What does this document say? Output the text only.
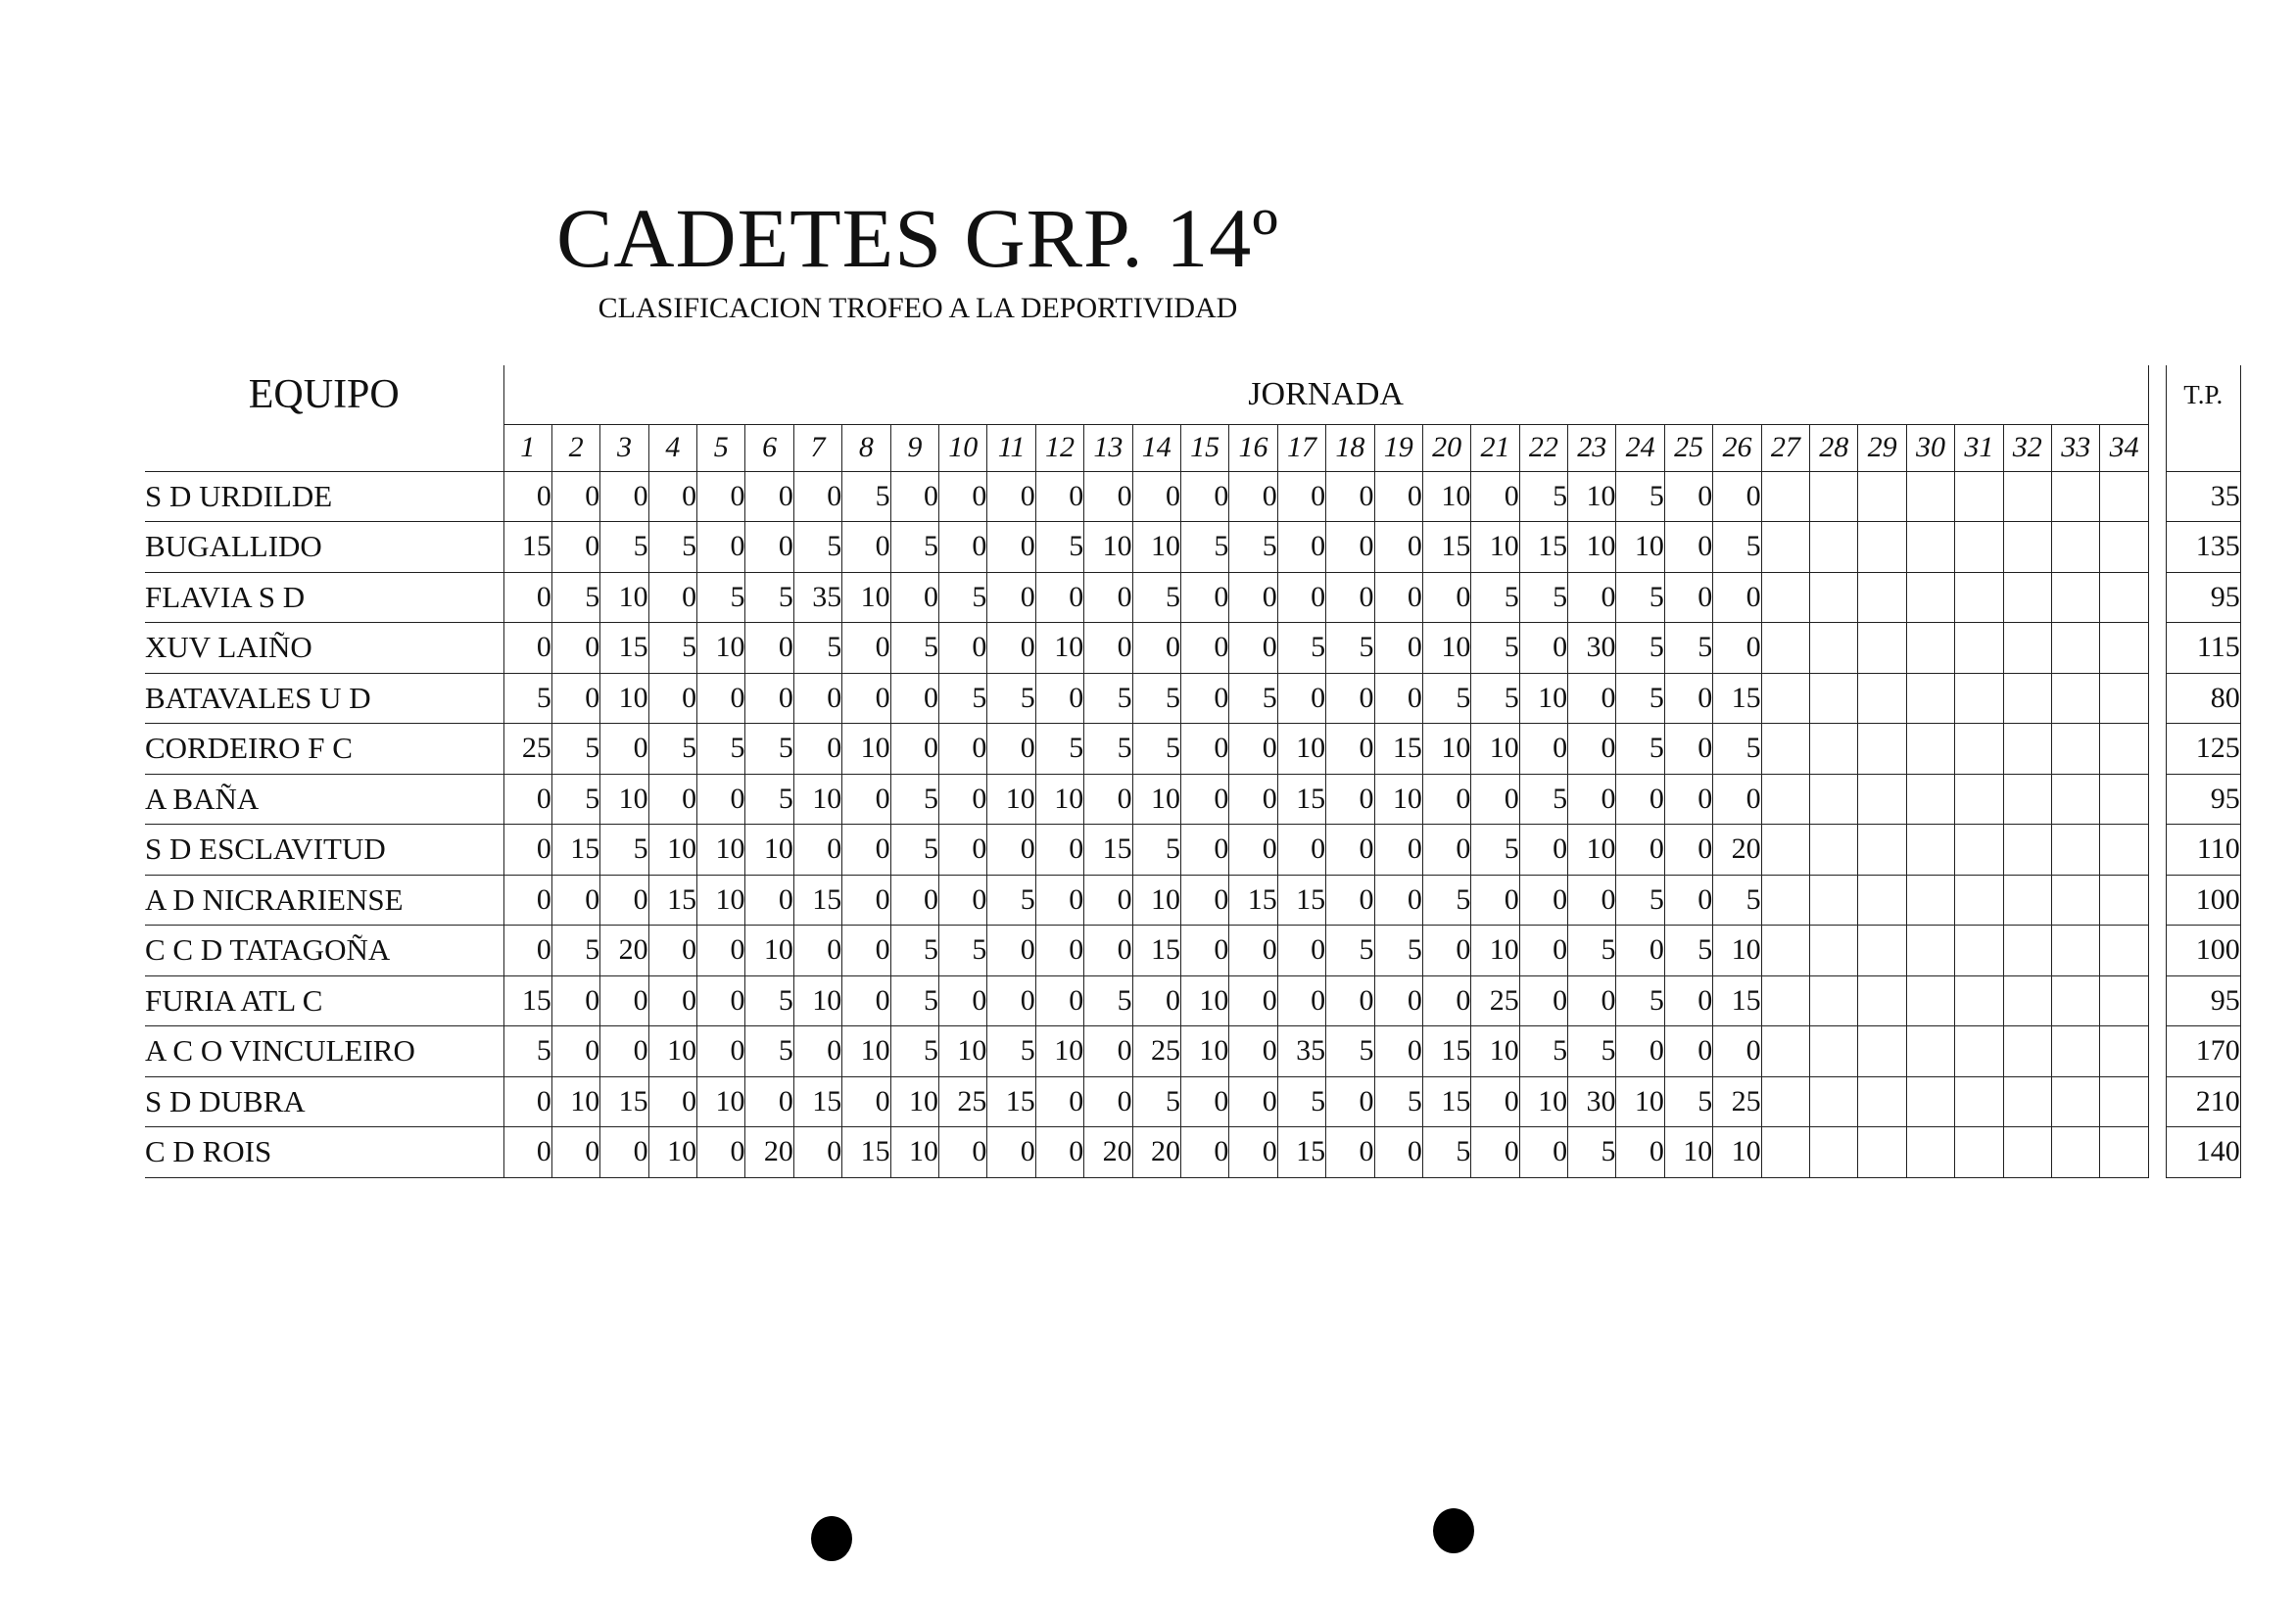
CADETES GRP. 14º
CLASIFICACION TROFEO A LA DEPORTIVIDAD
EQUIPO	JORNADA																																			T.P.
	1	2	3	4	5	6	7	8	9	10	11	12	13	14	15	16	17	18	19	20	21	22	23	24	25	26	27	28	29	30	31	32	33	34		
S D URDILDE	0	0	0	0	0	0	0	5	0	0	0	0	0	0	0	0	0	0	0	10	0	5	10	5	0	0										35
BUGALLIDO	15	0	5	5	0	0	5	0	5	0	0	5	10	10	5	5	0	0	0	15	10	15	10	10	0	5										135
FLAVIA S D	0	5	10	0	5	5	35	10	0	5	0	0	0	5	0	0	0	0	0	0	5	5	0	5	0	0										95
XUV LAIÑO	0	0	15	5	10	0	5	0	5	0	0	10	0	0	0	0	5	5	0	10	5	0	30	5	5	0										115
BATAVALES U D	5	0	10	0	0	0	0	0	0	5	5	0	5	5	0	5	0	0	0	5	5	10	0	5	0	15										80
CORDEIRO F C	25	5	0	5	5	5	0	10	0	0	0	5	5	5	0	0	10	0	15	10	10	0	0	5	0	5										125
A BAÑA	0	5	10	0	0	5	10	0	5	0	10	10	0	10	0	0	15	0	10	0	0	5	0	0	0	0										95
S D ESCLAVITUD	0	15	5	10	10	10	0	0	5	0	0	0	15	5	0	0	0	0	0	0	5	0	10	0	0	20										110
A D NICRARIENSE	0	0	0	15	10	0	15	0	0	0	5	0	0	10	0	15	15	0	0	5	0	0	0	5	0	5										100
C C D TATAGOÑA	0	5	20	0	0	10	0	0	5	5	0	0	0	15	0	0	0	5	5	0	10	0	5	0	5	10										100
FURIA ATL C	15	0	0	0	0	5	10	0	5	0	0	0	5	0	10	0	0	0	0	0	25	0	0	5	0	15										95
A C O VINCULEIRO	5	0	0	10	0	5	0	10	5	10	5	10	0	25	10	0	35	5	0	15	10	5	5	0	0	0										170
S D DUBRA	0	10	15	0	10	0	15	0	10	25	15	0	0	5	0	0	5	0	5	15	0	10	30	10	5	25										210
C D ROIS	0	0	0	10	0	20	0	15	10	0	0	0	20	20	0	0	15	0	0	5	0	0	5	0	10	10										140
